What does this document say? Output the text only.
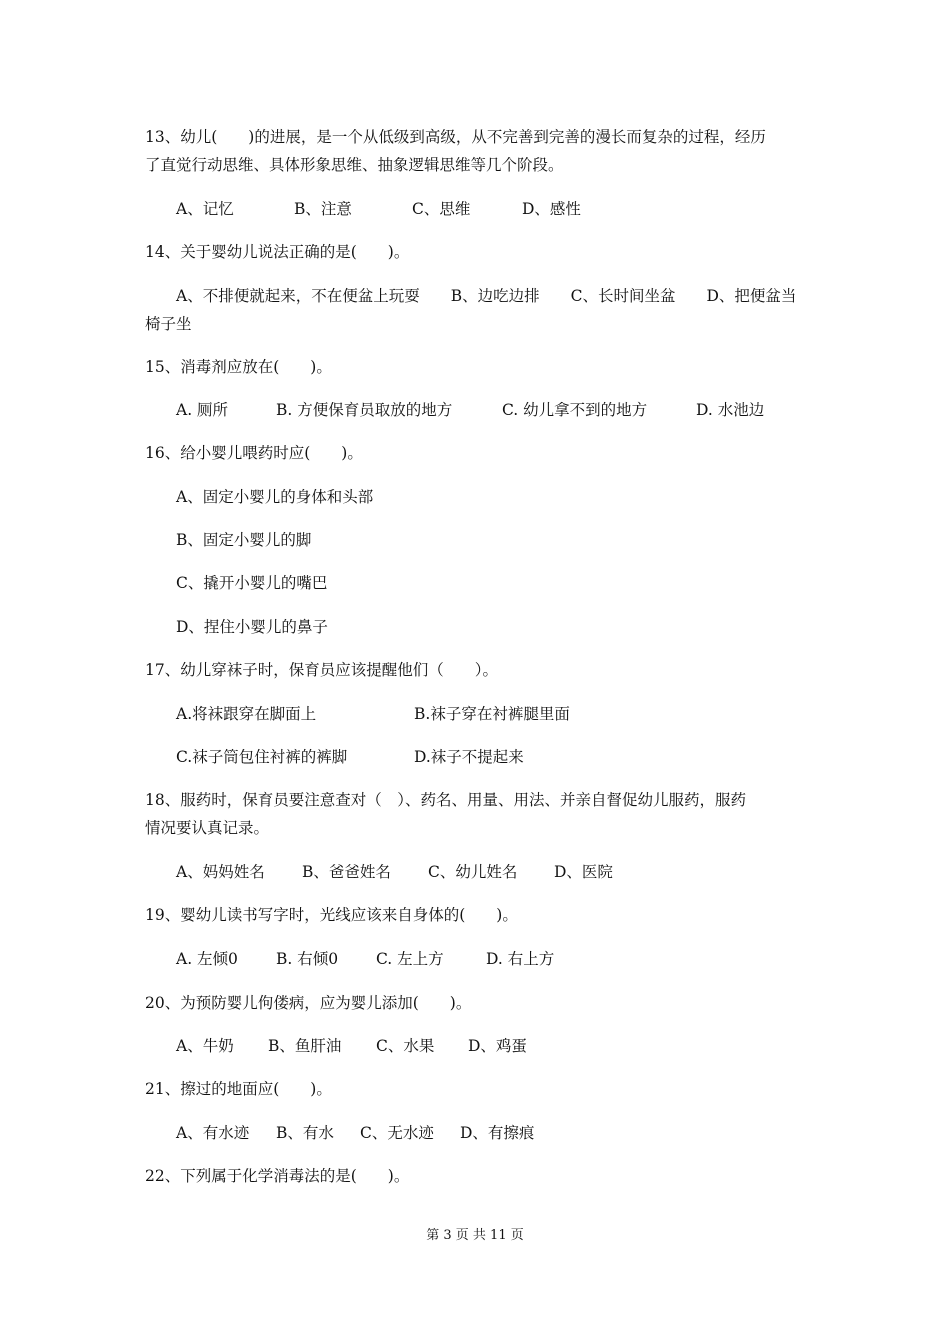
13、幼儿(　　)的进展，是一个从低级到高级，从不完善到完善的漫长而复杂的过程，经历
了直觉行动思维、具体形象思维、抽象逻辑思维等几个阶段。
A、记忆	B、注意	C、思维	D、感性
14、关于婴幼儿说法正确的是(　　)。
A、不排便就起来，不在便盆上玩耍　　B、边吃边排　　C、长时间坐盆　　D、把便盆当
椅子坐
15、消毒剂应放在(　　)。
A. 厕所	B. 方便保育员取放的地方	C. 幼儿拿不到的地方	D. 水池边
16、给小婴儿喂药时应(　　)。
A、固定小婴儿的身体和头部
B、固定小婴儿的脚
C、撬开小婴儿的嘴巴
D、捏住小婴儿的鼻子
17、幼儿穿袜子时，保育员应该提醒他们（　　）。
A.将袜跟穿在脚面上	B.袜子穿在衬裤腿里面
C.袜子筒包住衬裤的裤脚	D.袜子不提起来
18、服药时，保育员要注意查对（　）、药名、用量、用法、并亲自督促幼儿服药，服药
情况要认真记录。
A、妈妈姓名 B、爸爸姓名 C、幼儿姓名 D、医院
19、婴幼儿读书写字时，光线应该来自身体的(　　)。
A. 左倾0 B. 右倾0 C. 左上方	D. 右上方
20、为预防婴儿佝偻病，应为婴儿添加(　　)。
A、牛奶 B、鱼肝油 C、水果 D、鸡蛋
21、擦过的地面应(　　)。
A、有水迹 B、有水 C、无水迹 D、有擦痕
22、下列属于化学消毒法的是(　　)。
第 3 页 共 11 页
